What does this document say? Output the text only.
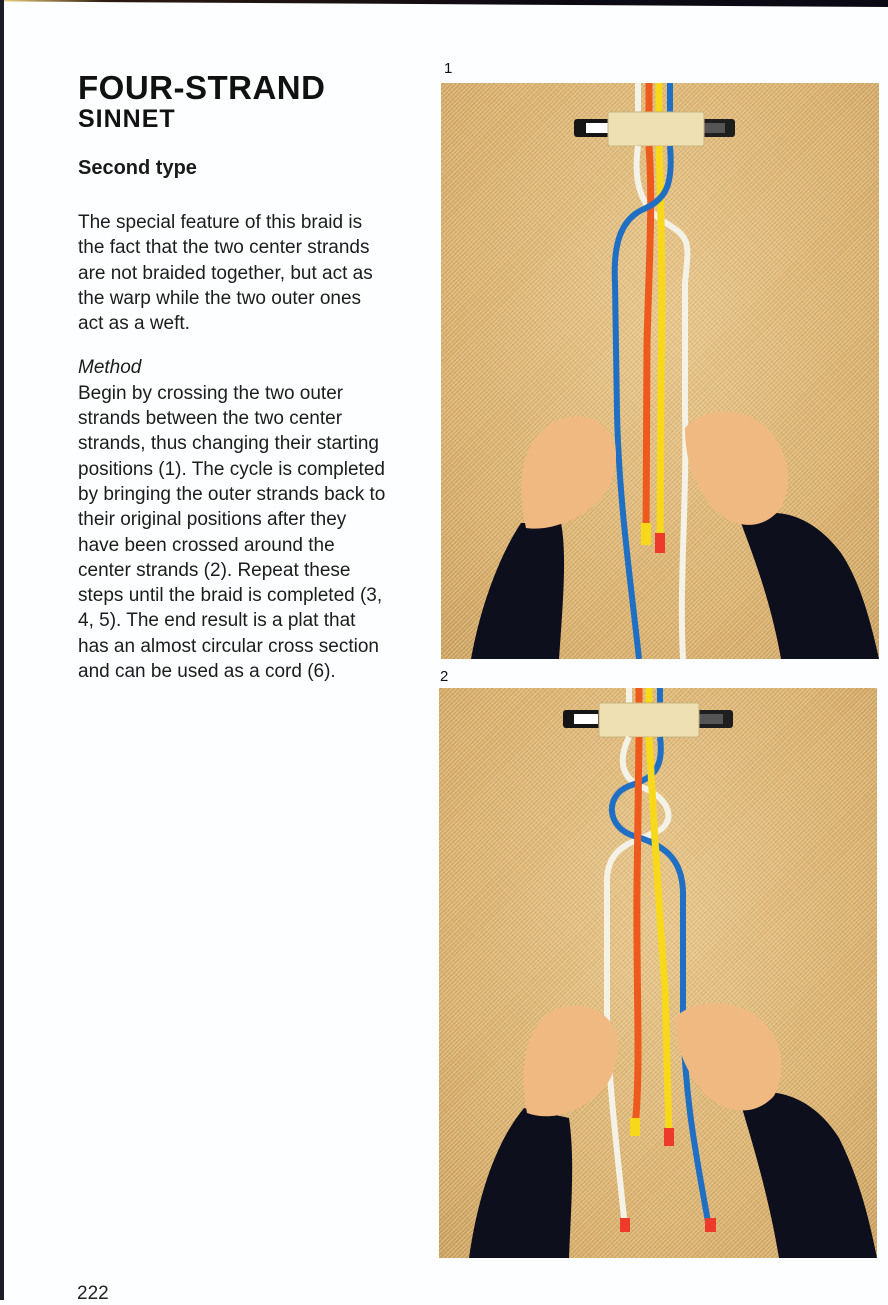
FOUR-STRAND
SINNET
Second type

The special feature of this braid is the fact that the two center strands are not braided together, but act as the warp while the two outer ones act as a weft.

Method

Begin by crossing the two outer strands between the two center strands, thus changing their starting positions (1). The cycle is completed by bringing the outer strands back to their original positions after they have been crossed around the center strands (2). Repeat these steps until the braid is completed (3, 4, 5). The end result is a plat that has an almost circular cross section and can be used as a cord (6).

1
2
222
